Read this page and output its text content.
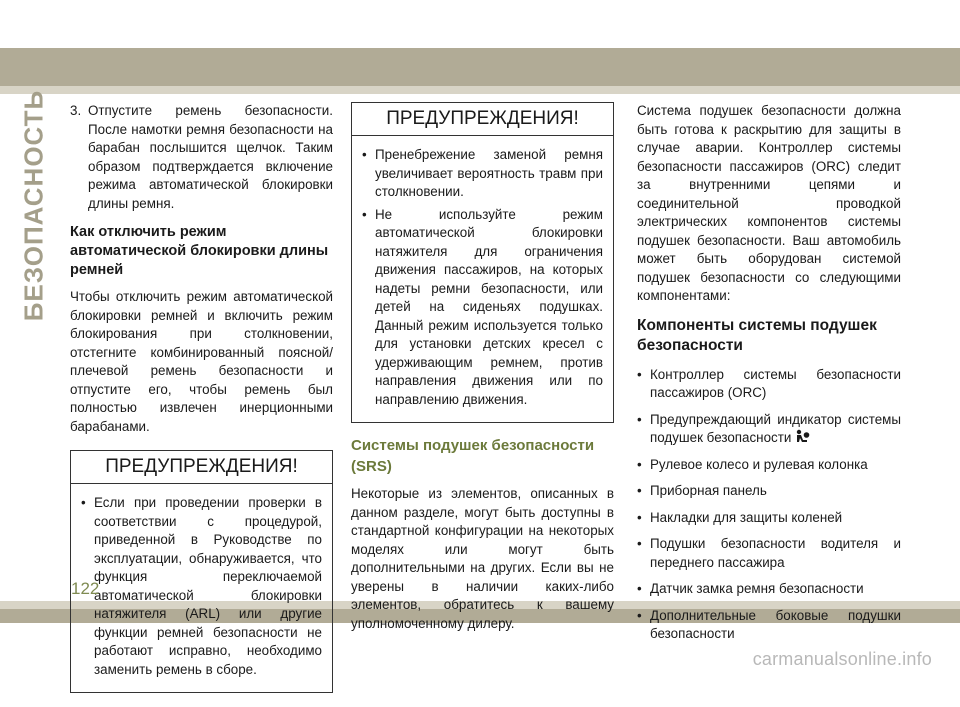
БЕЗОПАСНОСТЬ 3. Отпустите ремень безопасности. После намотки ремня безопасности на барабан послышится щелчок. Таким образом подтверждается включение режима автоматической блокировки длины ремня.
Как отключить режим автоматической блокировки длины ремней

Чтобы отключить режим автоматической блокировки ремней и включить режим блокирования при столкновении, отстегните комбинированный поясной/плечевой ремень безопасности и отпустите его, чтобы ремень был полностью извлечен инерционными барабанами.

ПРЕДУПРЕЖДЕНИЯ!
• Если при проведении проверки в соответствии с процедурой, приведенной в Руководстве по эксплуатации, обнаруживается, что функция переключаемой автоматической блокировки натяжителя (ARL) или другие функции ремней безопасности не работают исправно, необходимо заменить ремень в сборе.
ПРЕДУПРЕЖДЕНИЯ!
• Пренебрежение заменой ремня увеличивает вероятность травм при столкновении.
• Не используйте режим автоматической блокировки натяжителя для ограничения движения пассажиров, на которых надеты ремни безопасности, или детей на сиденьях подушках. Данный режим используется только для установки детских кресел с удерживающим ремнем, против направления движения или по направлению движения.
Системы подушек безопасности (SRS)

Некоторые из элементов, описанных в данном разделе, могут быть доступны в стандартной конфигурации на некоторых моделях или могут быть дополнительными на других. Если вы не уверены в наличии каких-либо элементов, обратитесь к вашему уполномоченному дилеру.

Система подушек безопасности должна быть готова к раскрытию для защиты в случае аварии. Контроллер системы безопасности пассажиров (ORC) следит за внутренними цепями и соединительной проводкой электрических компонентов системы подушек безопасности. Ваш автомобиль может быть оборудован системой подушек безопасности со следующими компонентами:

Компоненты системы подушек безопасности
• Контроллер системы безопасности пассажиров (ORC)
• Предупреждающий индикатор системы подушек безопасности
• Рулевое колесо и рулевая колонка
• Приборная панель
• Накладки для защиты коленей
• Подушки безопасности водителя и переднего пассажира
• Датчик замка ремня безопасности
• Дополнительные боковые подушки безопасности
122
carmanualsonline.info
